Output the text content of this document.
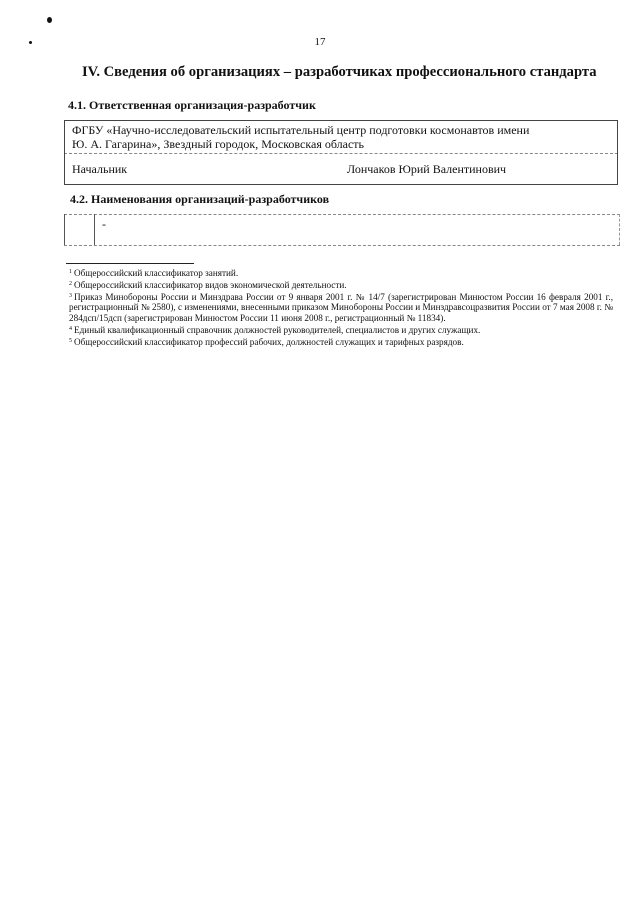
17
IV. Сведения об организациях – разработчиках профессионального стандарта
4.1. Ответственная организация-разработчик
ФГБУ «Научно-исследовательский испытательный центр подготовки космонавтов имени
Ю. А. Гагарина», Звездный городок, Московская область
Начальник	Лончаков Юрий Валентинович
4.2. Наименования организаций-разработчиков
-

$^1$ Общероссийский классификатор занятий.

$^2$ Общероссийский классификатор видов экономической деятельности.

$^3$ Приказ Минобороны России и Минздрава России от 9 января 2001 г. № 14/7 (зарегистрирован Минюстом России 16 февраля 2001 г., регистрационный № 2580), с изменениями, внесенными приказом Минобороны России и Минздравсоцразвития России от 7 мая 2008 г. № 284дсп/15дсп (зарегистрирован Минюстом России 11 июня 2008 г., регистрационный № 11834).

$^4$ Единый квалификационный справочник должностей руководителей, специалистов и других служащих.

$^5$ Общероссийский классификатор профессий рабочих, должностей служащих и тарифных разрядов.
